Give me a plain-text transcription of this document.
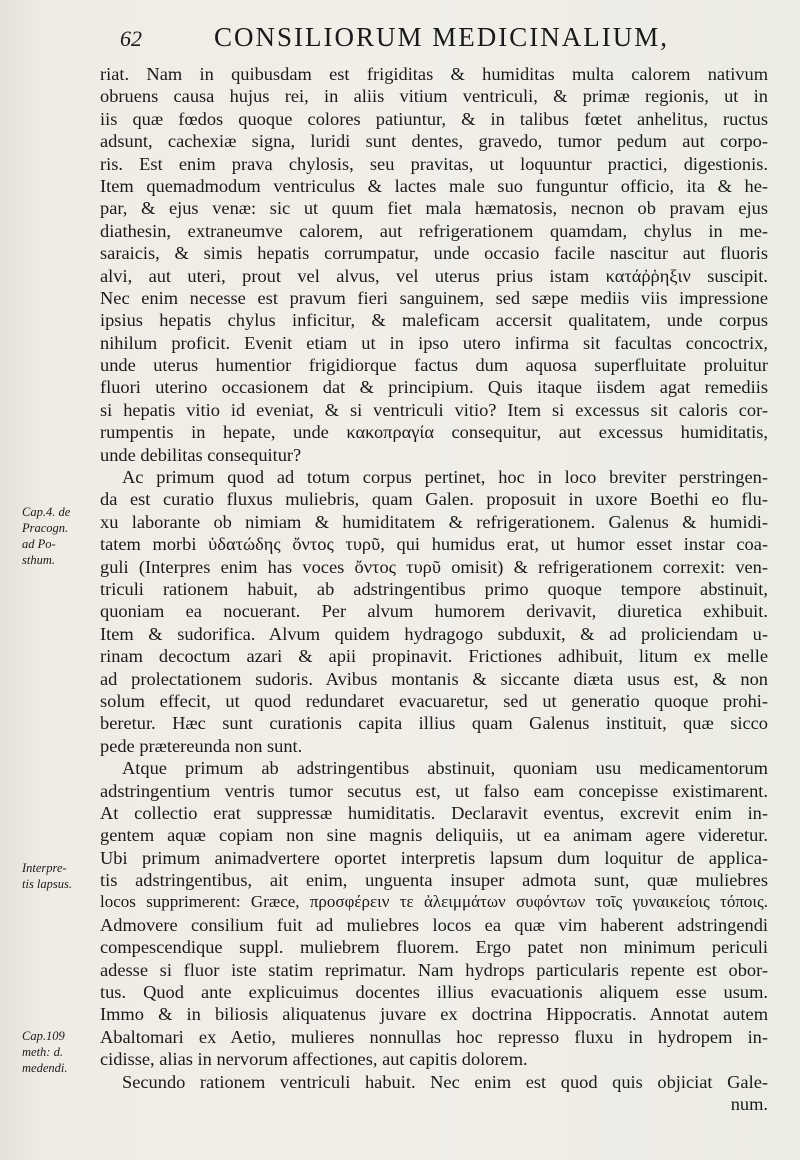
62	CONSILIORUM MEDICINALIUM,
Cap.4. de
Pracogn.
ad Po-
sthum.
Interpre-
tis lapsus.
Cap.109
meth: d.
medendi.
riat. Nam in quibusdam est frigiditas & humiditas multa calorem nativum
obruens causa hujus rei, in aliis vitium ventriculi, & primæ regionis, ut in
iis quæ fœdos quoque colores patiuntur, & in talibus fœtet anhelitus, ructus
adsunt, cachexiæ signa, luridi sunt dentes, gravedo, tumor pedum aut corpo-
ris. Est enim prava chylosis, seu pravitas, ut loquuntur practici, digestionis.
Item quemadmodum ventriculus & lactes male suo funguntur officio, ita & he-
par, & ejus venæ: sic ut quum fiet mala hæmatosis, necnon ob pravam ejus
diathesin, extraneumve calorem, aut refrigerationem quamdam, chylus in me-
saraicis, & simis hepatis corrumpatur, unde occasio facile nascitur aut fluoris
alvi, aut uteri, prout vel alvus, vel uterus prius istam κατάῤῥηξιν suscipit.
Nec enim necesse est pravum fieri sanguinem, sed sæpe mediis viis impressione
ipsius hepatis chylus inficitur, & maleficam accersit qualitatem, unde corpus
nihilum proficit. Evenit etiam ut in ipso utero infirma sit facultas concoctrix,
unde uterus humentior frigidiorque factus dum aquosa superfluitate proluitur
fluori uterino occasionem dat & principium. Quis itaque iisdem agat remediis
si hepatis vitio id eveniat, & si ventriculi vitio? Item si excessus sit caloris cor-
rumpentis in hepate, unde κακοπραγία consequitur, aut excessus humiditatis,
unde debilitas consequitur?
Ac primum quod ad totum corpus pertinet, hoc in loco breviter perstringen-
da est curatio fluxus muliebris, quam Galen. proposuit in uxore Boethi eo flu-
xu laborante ob nimiam & humiditatem & refrigerationem. Galenus & humidi-
tatem morbi ὑδατώδης ὄντος τυρῦ, qui humidus erat, ut humor esset instar coa-
guli (Interpres enim has voces ὄντος τυρῦ omisit) & refrigerationem correxit: ven-
triculi rationem habuit, ab adstringentibus primo quoque tempore abstinuit,
quoniam ea nocuerant. Per alvum humorem derivavit, diuretica exhibuit.
Item & sudorifica. Alvum quidem hydragogo subduxit, & ad proliciendam u-
rinam decoctum azari & apii propinavit. Frictiones adhibuit, litum ex melle
ad prolectationem sudoris. Avibus montanis & siccante diæta usus est, & non
solum effecit, ut quod redundaret evacuaretur, sed ut generatio quoque prohi-
beretur. Hæc sunt curationis capita illius quam Galenus instituit, quæ sicco
pede prætereunda non sunt.
Atque primum ab adstringentibus abstinuit, quoniam usu medicamentorum
adstringentium ventris tumor secutus est, ut falso eam concepisse existimarent.
At collectio erat suppressæ humiditatis. Declaravit eventus, excrevit enim in-
gentem aquæ copiam non sine magnis deliquiis, ut ea animam agere videretur.
Ubi primum animadvertere oportet interpretis lapsum dum loquitur de applica-
tis adstringentibus, ait enim, unguenta insuper admota sunt, quæ muliebres
locos supprimerent: Græce, προσφέρειν τε ἀλειμμάτων συφόντων τοῖς γυναικείοις τόποις.
Admovere consilium fuit ad muliebres locos ea quæ vim haberent adstringendi
compescendique suppl. muliebrem fluorem. Ergo patet non minimum periculi
adesse si fluor iste statim reprimatur. Nam hydrops particularis repente est obor-
tus. Quod ante explicuimus docentes illius evacuationis aliquem esse usum.
Immo & in biliosis aliquatenus juvare ex doctrina Hippocratis. Annotat autem
Abaltomari ex Aetio, mulieres nonnullas hoc represso fluxu in hydropem in-
cidisse, alias in nervorum affectiones, aut capitis dolorem.
Secundo rationem ventriculi habuit. Nec enim est quod quis objiciat Gale-
num.
